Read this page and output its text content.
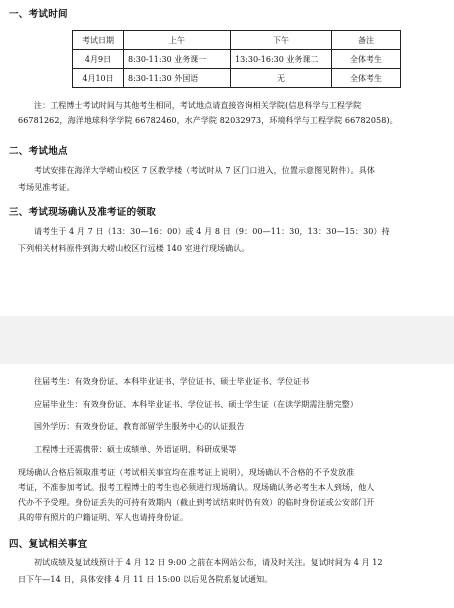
一、考试时间
考试日期	上午	下午	备注
4月9日	8:30-11:30 业务课一	13:30-16:30 业务课二	全体考生
4月10日	8:30-11:30 外国语	无	全体考生
注：工程博士考试时间与其他考生相同，考试地点请直接咨询相关学院(信息科学与工程学院
66781262，海洋地球科学学院 66782460，水产学院 82032973，环境科学与工程学院 66782058)。
二、考试地点
考试安排在海洋大学崂山校区 7 区教学楼（考试时从 7 区门口进入，位置示意图见附件）。具体
考场见准考证。
三、考试现场确认及准考证的领取
请考生于 4 月 7 日（13：30—16：00）或 4 月 8 日（9：00—11：30，13：30—15：30）持
下列相关材料原件到海大崂山校区行远楼 140 室进行现场确认。
往届考生：有效身份证、本科毕业证书、学位证书、硕士毕业证书、学位证书
应届毕业生：有效身份证、本科毕业证书、学位证书、硕士学生证（在读学期需注册完整）
国外学历：有效身份证、教育部留学生服务中心的认证报告
工程博士还需携带：硕士成绩单、外语证明、科研成果等
现场确认合格后领取准考证（考试相关事宜均在准考证上说明），现场确认不合格的不予发放准
考证，不准参加考试。报考工程博士的考生也必须进行现场确认。现场确认务必考生本人到场，他人
代办不予受理。身份证丢失的可持有效期内（截止到考试结束时仍有效）的临时身份证或公安部门开
具的带有照片的户籍证明、军人也请持身份证。
四、复试相关事宜
初试成绩及复试线预计于 4 月 12 日 9:00 之前在本网站公布，请及时关注。复试时间为 4 月 12
日下午—14 日，具体安排 4 月 11 日 15:00 以后见各院系复试通知。
